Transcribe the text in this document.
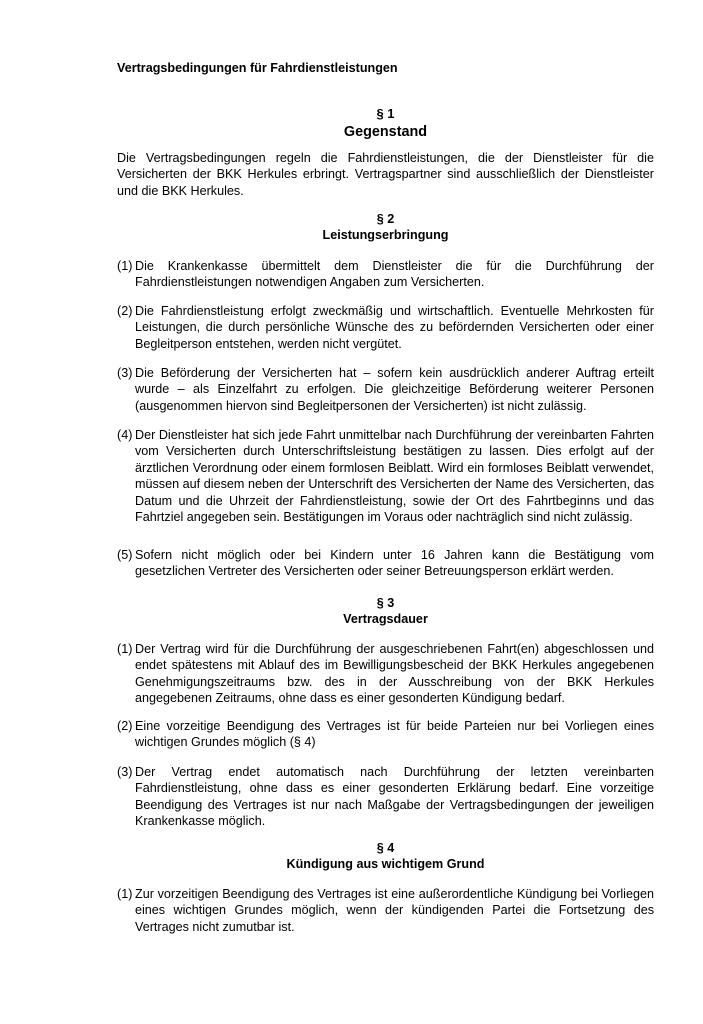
Vertragsbedingungen für Fahrdienstleistungen
§ 1
Gegenstand
Die Vertragsbedingungen regeln die Fahrdienstleistungen, die der Dienstleister für die Versicherten der BKK Herkules erbringt. Vertragspartner sind ausschließlich der Dienstleister und die BKK Herkules.
§ 2
Leistungserbringung
(1) Die Krankenkasse übermittelt dem Dienstleister die für die Durchführung der Fahrdienstleistungen notwendigen Angaben zum Versicherten.
(2) Die Fahrdienstleistung erfolgt zweckmäßig und wirtschaftlich. Eventuelle Mehrkosten für Leistungen, die durch persönliche Wünsche des zu befördernden Versicherten oder einer Begleitperson entstehen, werden nicht vergütet.
(3) Die Beförderung der Versicherten hat – sofern kein ausdrücklich anderer Auftrag erteilt wurde – als Einzelfahrt zu erfolgen. Die gleichzeitige Beförderung weiterer Personen (ausgenommen hiervon sind Begleitpersonen der Versicherten) ist nicht zulässig.
(4) Der Dienstleister hat sich jede Fahrt unmittelbar nach Durchführung der vereinbarten Fahrten vom Versicherten durch Unterschriftsleistung bestätigen zu lassen. Dies erfolgt auf der ärztlichen Verordnung oder einem formlosen Beiblatt. Wird ein formloses Beiblatt verwendet, müssen auf diesem neben der Unterschrift des Versicherten der Name des Versicherten, das Datum und die Uhrzeit der Fahrdienstleistung, sowie der Ort des Fahrtbeginns und das Fahrtziel angegeben sein. Bestätigungen im Voraus oder nachträglich sind nicht zulässig.
(5) Sofern nicht möglich oder bei Kindern unter 16 Jahren kann die Bestätigung vom gesetzlichen Vertreter des Versicherten oder seiner Betreuungsperson erklärt werden.
§ 3
Vertragsdauer
(1) Der Vertrag wird für die Durchführung der ausgeschriebenen Fahrt(en) abgeschlossen und endet spätestens mit Ablauf des im Bewilligungsbescheid der BKK Herkules angegebenen Genehmigungszeitraums bzw. des in der Ausschreibung von der BKK Herkules angegebenen Zeitraums, ohne dass es einer gesonderten Kündigung bedarf.
(2) Eine vorzeitige Beendigung des Vertrages ist für beide Parteien nur bei Vorliegen eines wichtigen Grundes möglich (§ 4)
(3) Der Vertrag endet automatisch nach Durchführung der letzten vereinbarten Fahrdienstleistung, ohne dass es einer gesonderten Erklärung bedarf. Eine vorzeitige Beendigung des Vertrages ist nur nach Maßgabe der Vertragsbedingungen der jeweiligen Krankenkasse möglich.
§ 4
Kündigung aus wichtigem Grund
(1) Zur vorzeitigen Beendigung des Vertrages ist eine außerordentliche Kündigung bei Vorliegen eines wichtigen Grundes möglich, wenn der kündigenden Partei die Fortsetzung des Vertrages nicht zumutbar ist.
